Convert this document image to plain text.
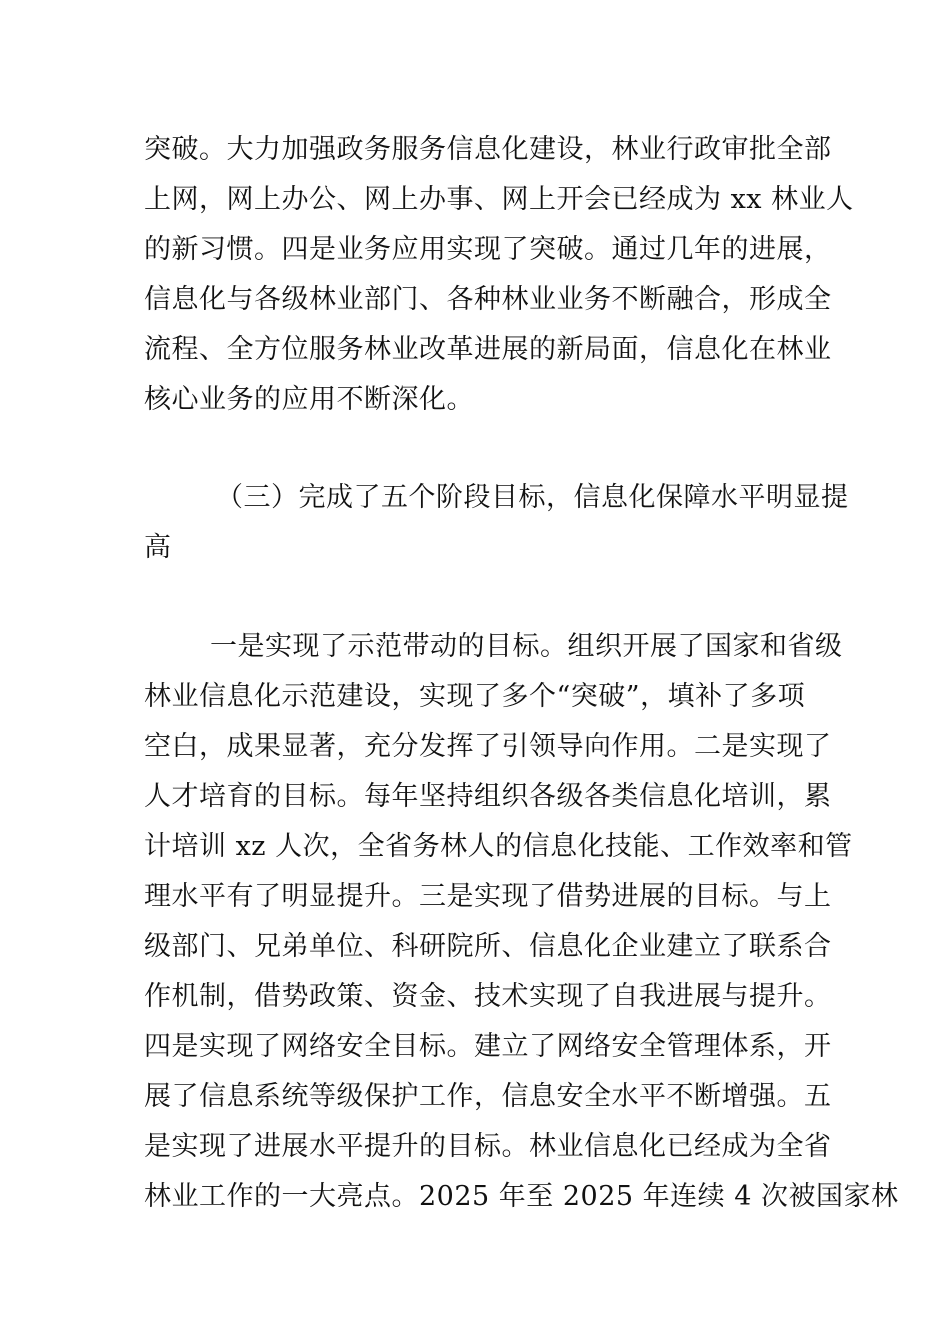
突破。大力加强政务服务信息化建设，林业行政审批全部
上网，网上办公、网上办事、网上开会已经成为 xx 林业人
的新习惯。四是业务应用实现了突破。通过几年的进展，
信息化与各级林业部门、各种林业业务不断融合，形成全
流程、全方位服务林业改革进展的新局面，信息化在林业
核心业务的应用不断深化。
（三）完成了五个阶段目标，信息化保障水平明显提
高
一是实现了示范带动的目标。组织开展了国家和省级
林业信息化示范建设，实现了多个“突破”，填补了多项
空白，成果显著，充分发挥了引领导向作用。二是实现了
人才培育的目标。每年坚持组织各级各类信息化培训，累
计培训 xz 人次，全省务林人的信息化技能、工作效率和管
理水平有了明显提升。三是实现了借势进展的目标。与上
级部门、兄弟单位、科研院所、信息化企业建立了联系合
作机制，借势政策、资金、技术实现了自我进展与提升。
四是实现了网络安全目标。建立了网络安全管理体系，开
展了信息系统等级保护工作，信息安全水平不断增强。五
是实现了进展水平提升的目标。林业信息化已经成为全省
林业工作的一大亮点。2025 年至 2025 年连续 4 次被国家林
